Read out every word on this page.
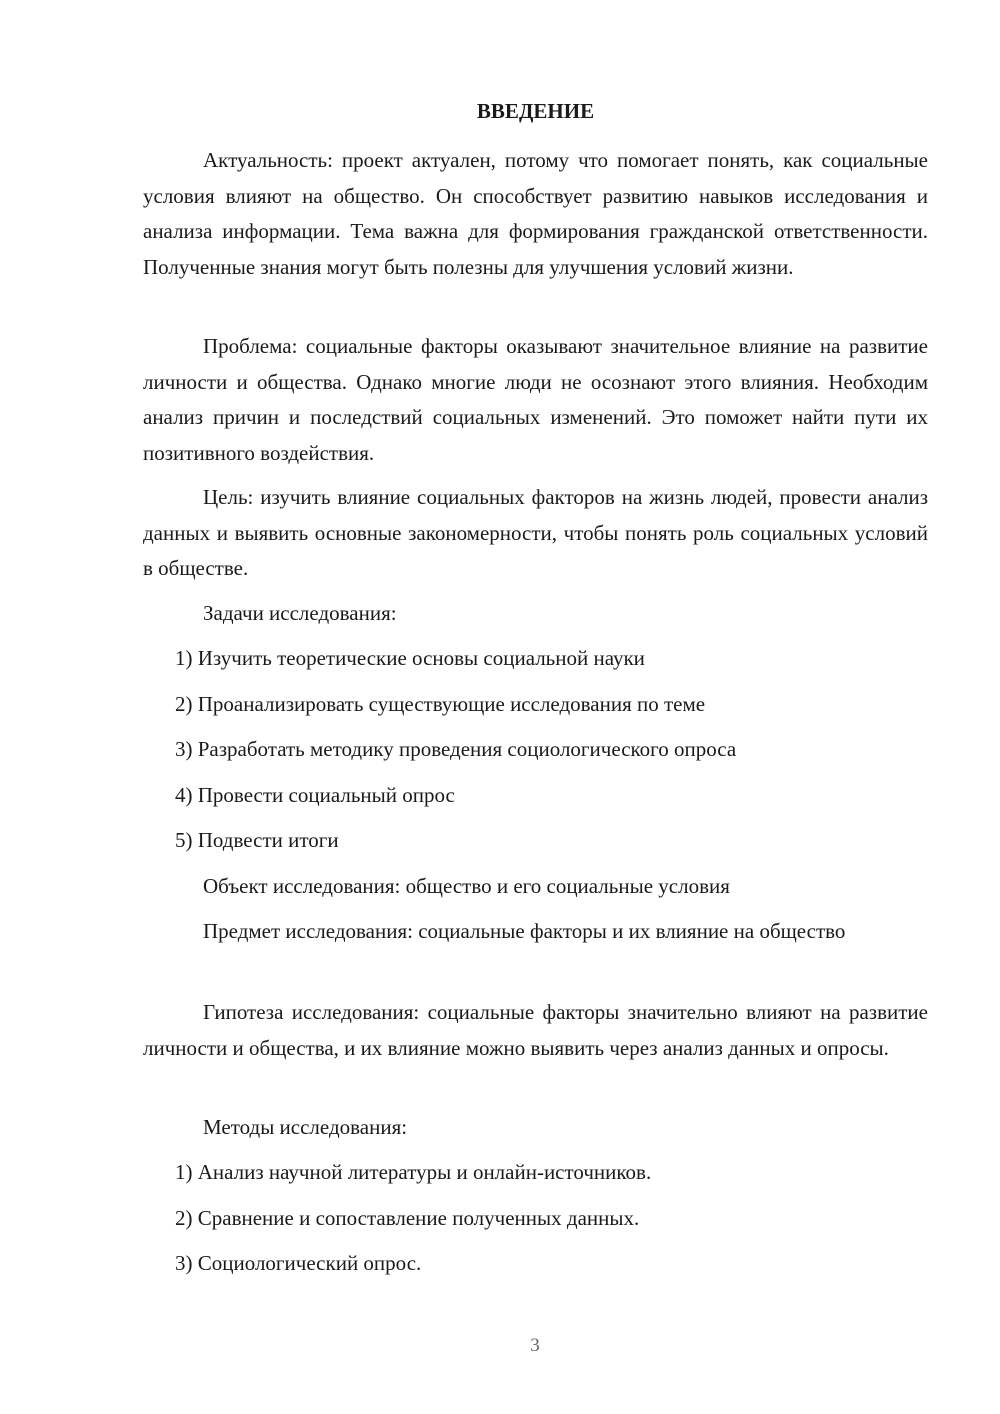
ВВЕДЕНИЕ

Актуальность: проект актуален, потому что помогает понять, как социальные условия влияют на общество. Он способствует развитию навыков исследования и анализа информации. Тема важна для формирования гражданской ответственности. Полученные знания могут быть полезны для улучшения условий жизни.

Проблема: социальные факторы оказывают значительное влияние на развитие личности и общества. Однако многие люди не осознают этого влияния. Необходим анализ причин и последствий социальных изменений. Это поможет найти пути их позитивного воздействия.

Цель: изучить влияние социальных факторов на жизнь людей, провести анализ данных и выявить основные закономерности, чтобы понять роль социальных условий в обществе.

Задачи исследования:
1) Изучить теоретические основы социальной науки
2) Проанализировать существующие исследования по теме
3) Разработать методику проведения социологического опроса
4) Провести социальный опрос
5) Подвести итоги
Объект исследования: общество и его социальные условия

Предмет исследования: социальные факторы и их влияние на общество

Гипотеза исследования: социальные факторы значительно влияют на развитие личности и общества, и их влияние можно выявить через анализ данных и опросы.

Методы исследования:
1) Анализ научной литературы и онлайн-источников.
2) Сравнение и сопоставление полученных данных.
3) Социологический опрос.
3
